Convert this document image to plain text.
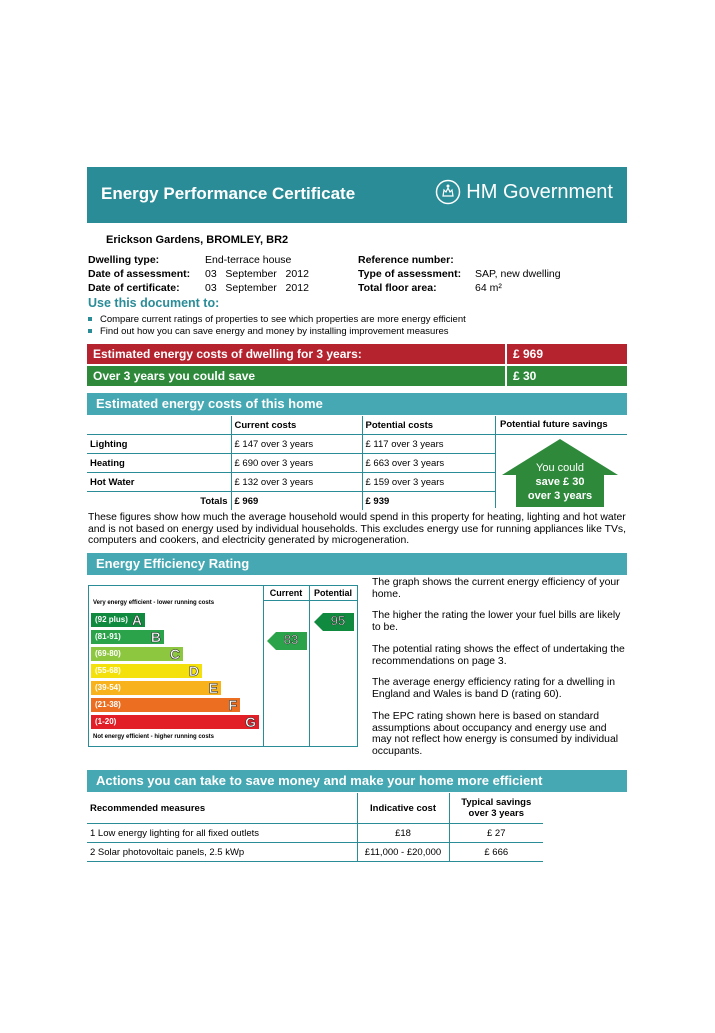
Energy Performance Certificate	HM Government
Erickson Gardens, BROMLEY, BR2
Dwelling type:	End-terrace house
Date of assessment: 03   September   2012
Date of certificate: 03   September   2012
Reference number:
Type of assessment: SAP, new dwelling
Total floor area:	64 m²
Use this document to:
Compare current ratings of properties to see which properties are more energy efficient
Find out how you can save energy and money by installing improvement measures
Estimated energy costs of dwelling for 3 years:	£ 969
Over 3 years you could save	£ 30
Estimated energy costs of this home
	Current costs	Potential costs
Lighting	£ 147 over 3 years	£ 117 over 3 years
Heating	£ 690 over 3 years	£ 663 over 3 years
Hot Water	£ 132 over 3 years	£ 159 over 3 years
Totals	£ 969	£ 939
Potential future savings
You could
save £ 30
over 3 years
These figures show how much the average household would spend in this property for heating, lighting and hot water and is not based on energy used by individual households. This excludes energy use for running appliances like TVs, computers and cookers, and electricity generated by microgeneration.
Energy Efficiency Rating
Current	Potential
Very energy efficient - lower running costs
Not energy efficient - higher running costs
(92 plus) A
(81-91) B
(69-80)	C
(55-68)	D
(39-54)	E
(21-38)	F
(1-20)	G
83
95
The graph shows the current energy efficiency of your home.
The higher the rating the lower your fuel bills are likely to be.
The potential rating shows the effect of undertaking the recommendations on page 3.
The average energy efficiency rating for a dwelling in England and Wales is band D (rating 60).
The EPC rating shown here is based on standard assumptions about occupancy and energy use and may not reflect how energy is consumed by individual occupants.
Actions you can take to save money and make your home more efficient
Recommended measures	Indicative cost	Typical savings
over 3 years

1 Low energy lighting for all fixed outlets	£18	£ 27
2 Solar photovoltaic panels, 2.5 kWp	£11,000 - £20,000	£ 666
